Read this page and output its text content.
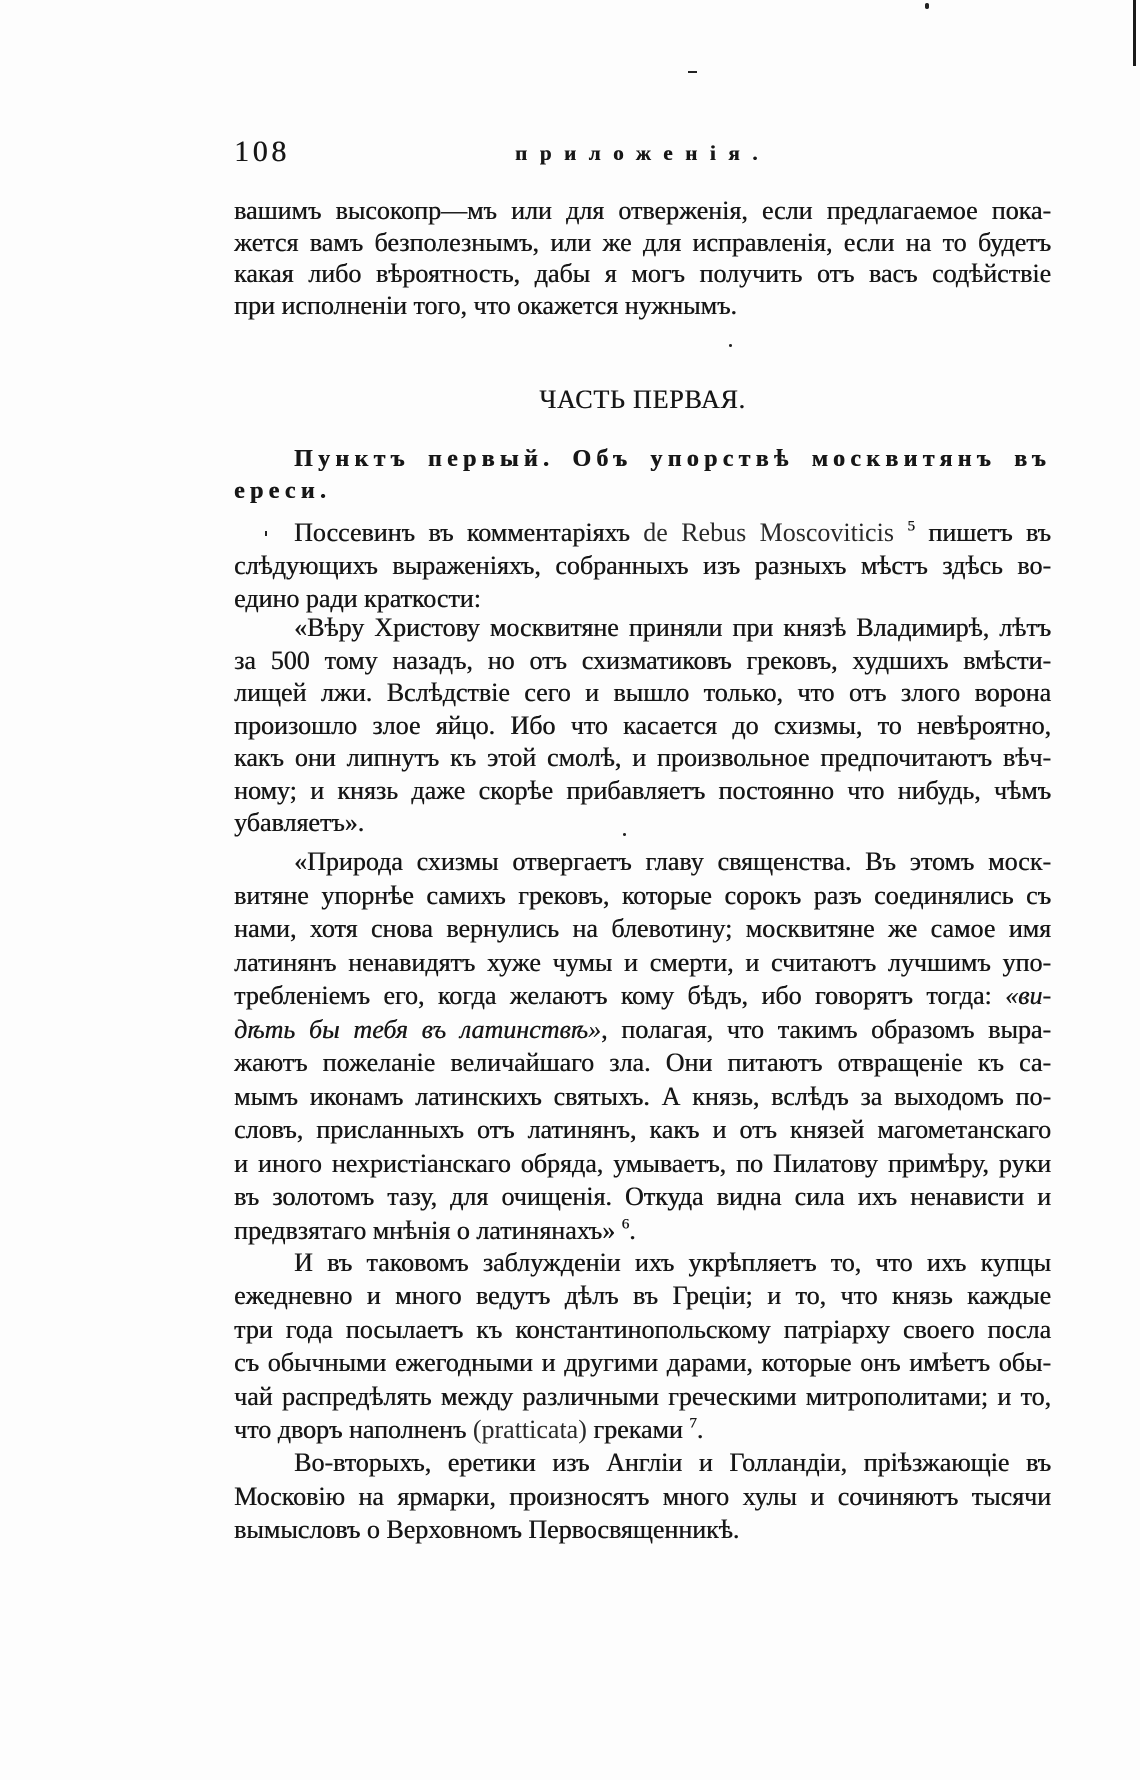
108	приложенія.
вашимъ высокопр—мъ или для отверженія, если предлагаемое пока-
жется вамъ безполезнымъ, или же для исправленія, если на то будетъ
какая либо вѣроятность, дабы я могъ получить отъ васъ содѣйствіе
при исполненіи того, что окажется нужнымъ.
ЧАСТЬ ПЕРВАЯ.
Пунктъ первый. Объ упорствѣ москвитянъ въ
ереси.
Поссевинъ въ комментаріяхъ de Rebus Moscoviticis $^5$ пишетъ въ
слѣдующихъ выраженіяхъ, собранныхъ изъ разныхъ мѣстъ здѣсь во-
едино ради краткости:
«Вѣру Христову москвитяне приняли при князѣ Владимирѣ, лѣтъ
за 500 тому назадъ, но отъ схизматиковъ грековъ, худшихъ вмѣсти-
лищей лжи. Вслѣдствіе сего и вышло только, что отъ злого ворона
произошло злое яйцо. Ибо что касается до схизмы, то невѣроятно,
какъ они липнутъ къ этой смолѣ, и произвольное предпочитаютъ вѣч-
ному; и князь даже скорѣе прибавляетъ постоянно что нибудь, чѣмъ
убавляетъ».
«Природа схизмы отвергаетъ главу священства. Въ этомъ моск-
витяне упорнѣе самихъ грековъ, которые сорокъ разъ соединялись съ
нами, хотя снова вернулись на блевотину; москвитяне же самое имя
латинянъ ненавидятъ хуже чумы и смерти, и считаютъ лучшимъ упо-
требленіемъ его, когда желаютъ кому бѣдъ, ибо говорятъ тогда: «ви-
дѣть бы тебя въ латинствѣ», полагая, что такимъ образомъ выра-
жаютъ пожеланіе величайшаго зла. Они питаютъ отвращеніе къ са-
мымъ иконамъ латинскихъ святыхъ. А князь, вслѣдъ за выходомъ по-
словъ, присланныхъ отъ латинянъ, какъ и отъ князей магометанскаго
и иного нехристіанскаго обряда, умываетъ, по Пилатову примѣру, руки
въ золотомъ тазу, для очищенія. Откуда видна сила ихъ ненависти и
предвзятаго мнѣнія о латинянахъ» $^6$.
И въ таковомъ заблужденіи ихъ укрѣпляетъ то, что ихъ купцы
ежедневно и много ведутъ дѣлъ въ Греціи; и то, что князь каждые
три года посылаетъ къ константинопольскому патріарху своего посла
съ обычными ежегодными и другими дарами, которые онъ имѣетъ обы-
чай распредѣлять между различными греческими митрополитами; и то,
что дворъ наполненъ (pratticata) греками $^7$.
Во-вторыхъ, еретики изъ Англіи и Голландіи, пріѣзжающіе въ
Московію на ярмарки, произносятъ много хулы и сочиняютъ тысячи
вымысловъ о Верховномъ Первосвященникѣ.
